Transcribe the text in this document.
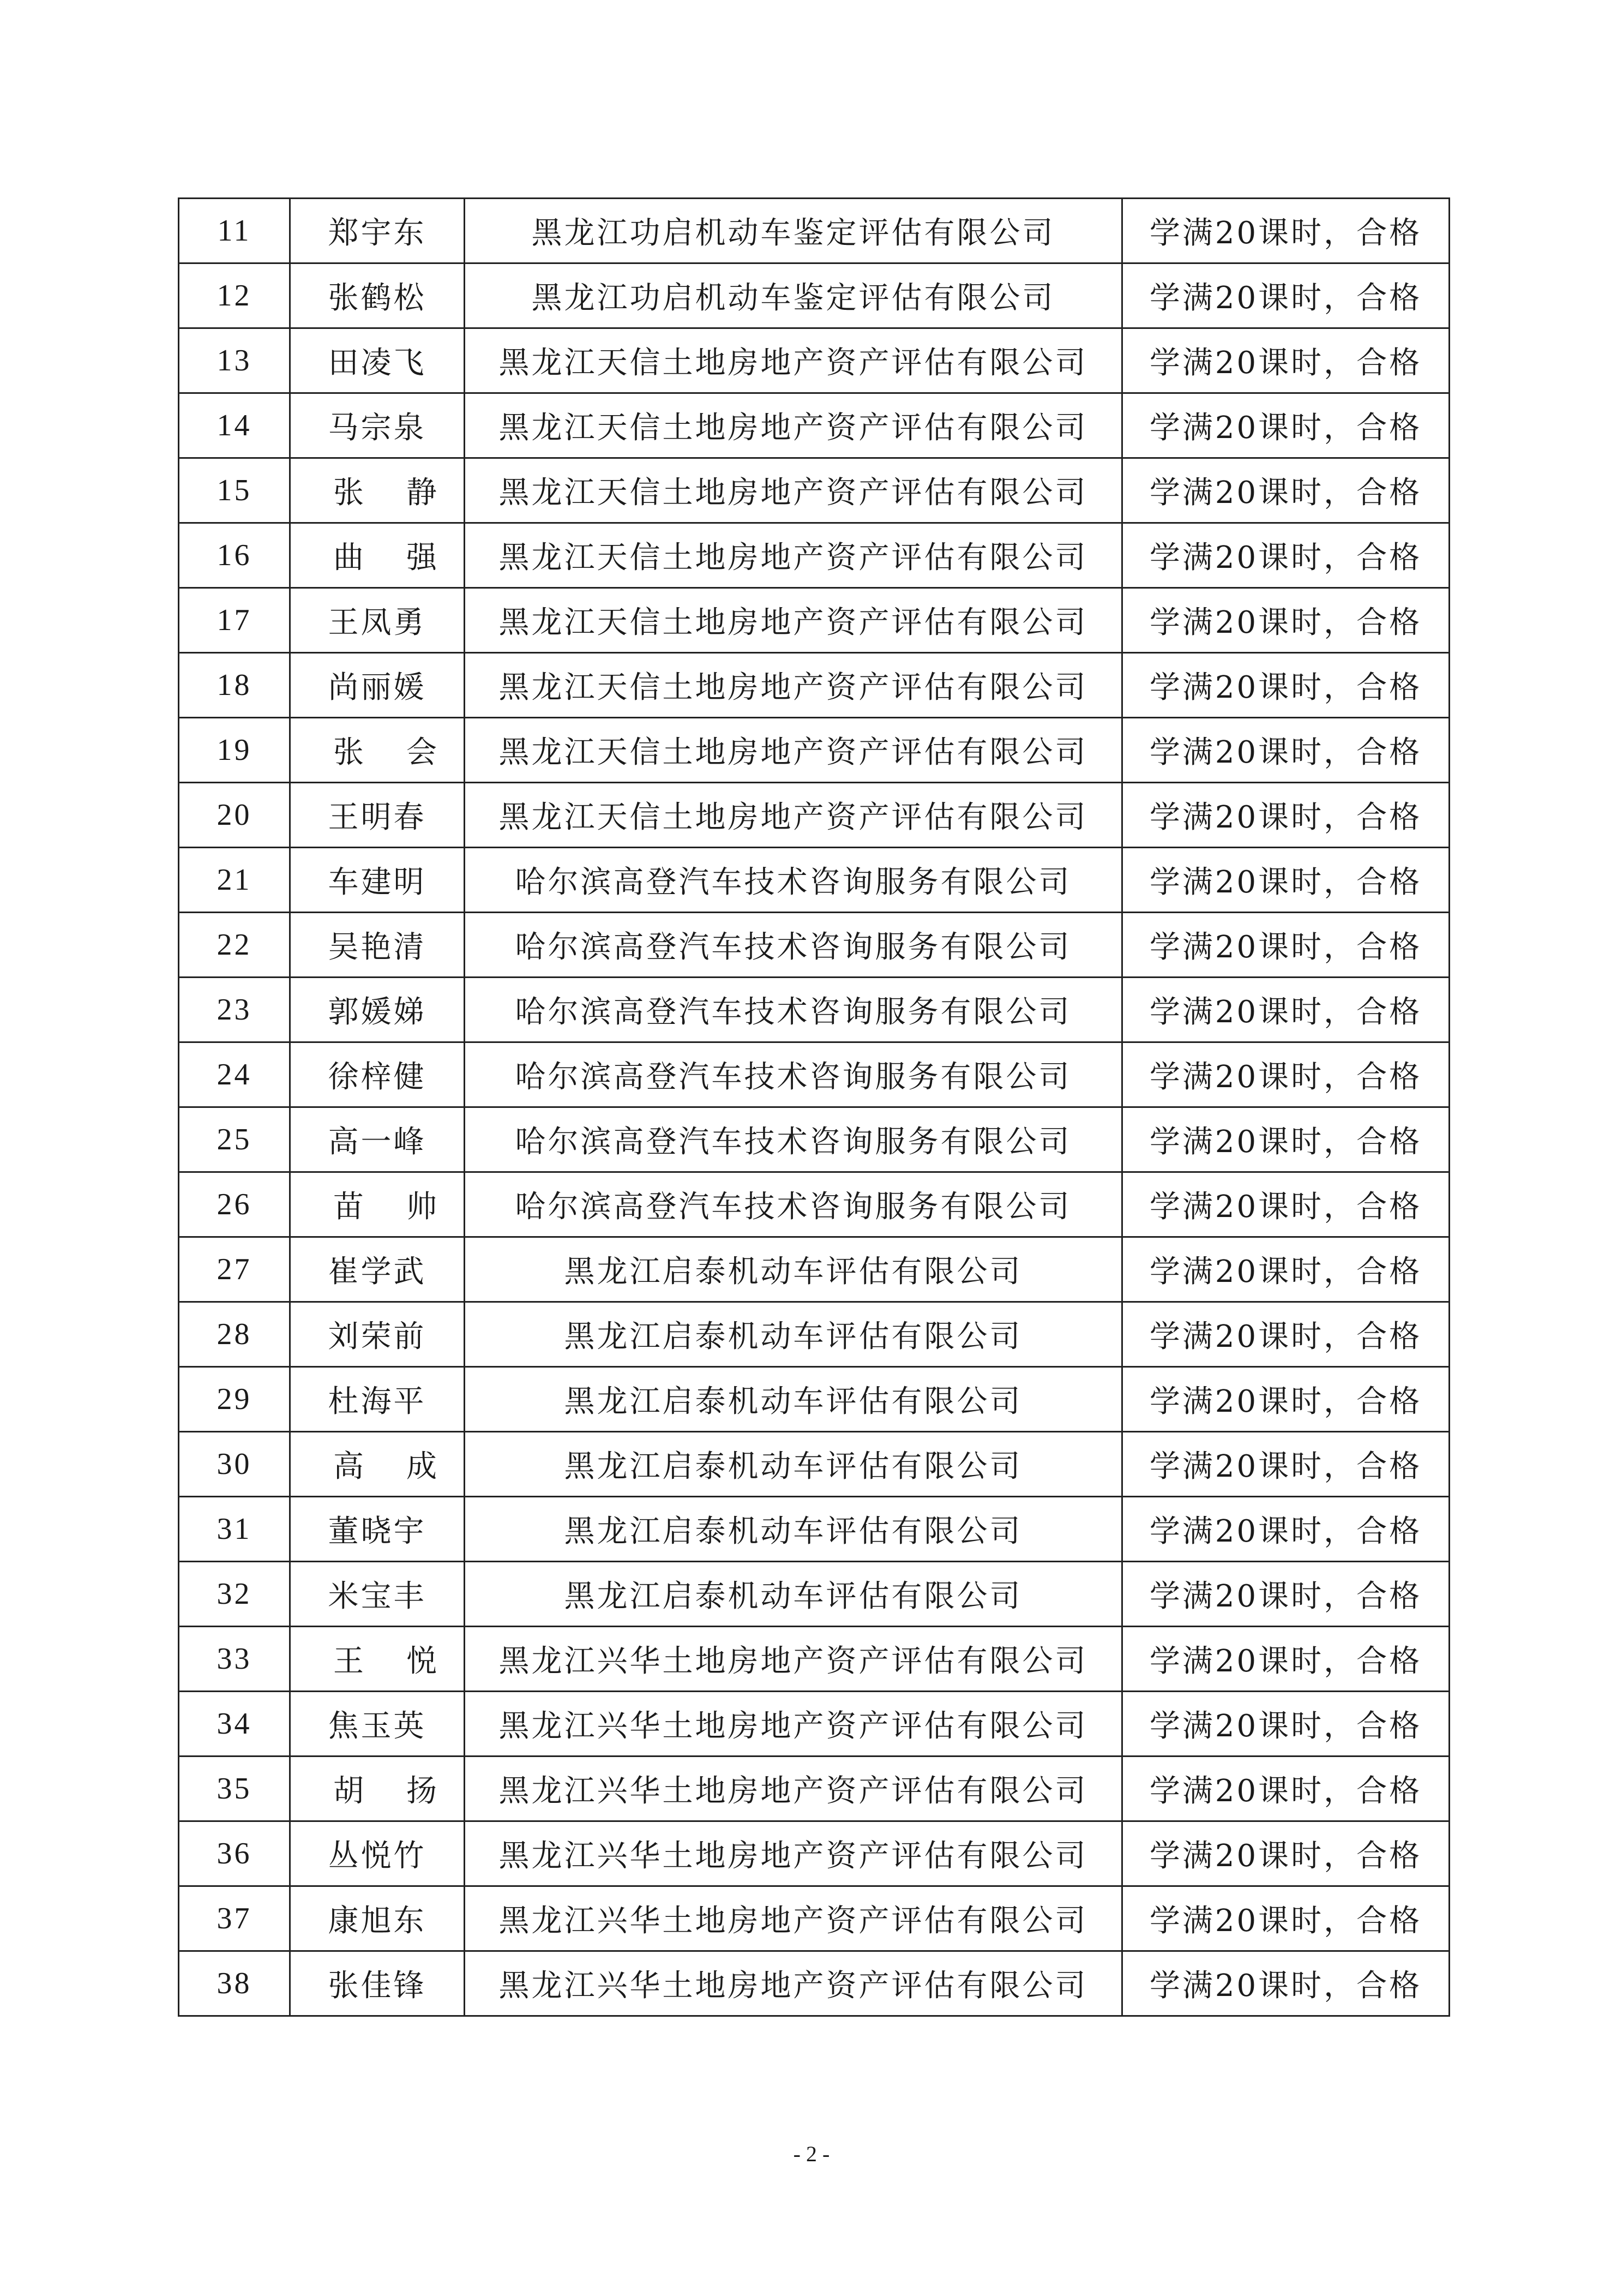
11	郑宇东	黑龙江功启机动车鉴定评估有限公司	学满20课时，合格
12	张鹤松	黑龙江功启机动车鉴定评估有限公司	学满20课时，合格
13	田凌飞	黑龙江天信土地房地产资产评估有限公司	学满20课时，合格
14	马宗泉	黑龙江天信土地房地产资产评估有限公司	学满20课时，合格
15	张静	黑龙江天信土地房地产资产评估有限公司	学满20课时，合格
16	曲强	黑龙江天信土地房地产资产评估有限公司	学满20课时，合格
17	王凤勇	黑龙江天信土地房地产资产评估有限公司	学满20课时，合格
18	尚丽媛	黑龙江天信土地房地产资产评估有限公司	学满20课时，合格
19	张会	黑龙江天信土地房地产资产评估有限公司	学满20课时，合格
20	王明春	黑龙江天信土地房地产资产评估有限公司	学满20课时，合格
21	车建明	哈尔滨高登汽车技术咨询服务有限公司	学满20课时，合格
22	吴艳清	哈尔滨高登汽车技术咨询服务有限公司	学满20课时，合格
23	郭媛娣	哈尔滨高登汽车技术咨询服务有限公司	学满20课时，合格
24	徐梓健	哈尔滨高登汽车技术咨询服务有限公司	学满20课时，合格
25	高一峰	哈尔滨高登汽车技术咨询服务有限公司	学满20课时，合格
26	苗帅	哈尔滨高登汽车技术咨询服务有限公司	学满20课时，合格
27	崔学武	黑龙江启泰机动车评估有限公司	学满20课时，合格
28	刘荣前	黑龙江启泰机动车评估有限公司	学满20课时，合格
29	杜海平	黑龙江启泰机动车评估有限公司	学满20课时，合格
30	高成	黑龙江启泰机动车评估有限公司	学满20课时，合格
31	董晓宇	黑龙江启泰机动车评估有限公司	学满20课时，合格
32	米宝丰	黑龙江启泰机动车评估有限公司	学满20课时，合格
33	王悦	黑龙江兴华土地房地产资产评估有限公司	学满20课时，合格
34	焦玉英	黑龙江兴华土地房地产资产评估有限公司	学满20课时，合格
35	胡扬	黑龙江兴华土地房地产资产评估有限公司	学满20课时，合格
36	丛悦竹	黑龙江兴华土地房地产资产评估有限公司	学满20课时，合格
37	康旭东	黑龙江兴华土地房地产资产评估有限公司	学满20课时，合格
38	张佳锋	黑龙江兴华土地房地产资产评估有限公司	学满20课时，合格
- 2 -
